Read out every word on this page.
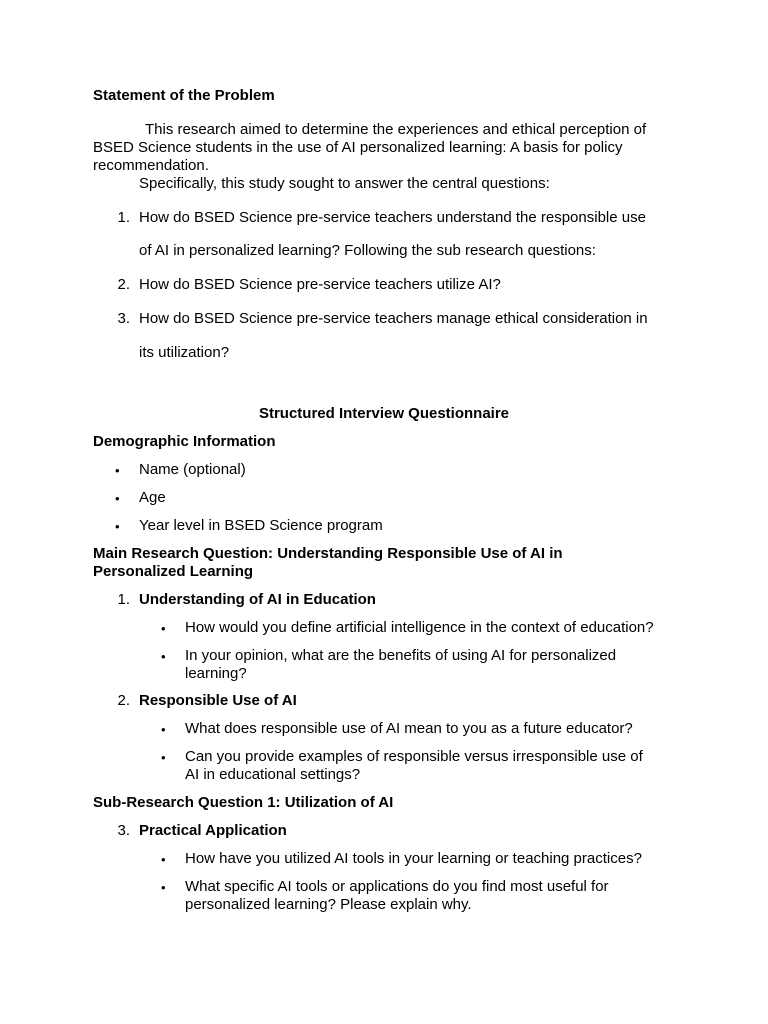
Statement of the Problem
This research aimed to determine the experiences and ethical perception of
BSED Science students in the use of AI personalized learning: A basis for policy
recommendation.
Specifically, this study sought to answer the central questions:
1. How do BSED Science pre-service teachers understand the responsible use
of AI in personalized learning? Following the sub research questions:
2. How do BSED Science pre-service teachers utilize AI?
3. How do BSED Science pre-service teachers manage ethical consideration in
its utilization?
Structured Interview Questionnaire
Demographic Information
• Name (optional)
• Age
• Year level in BSED Science program
Main Research Question: Understanding Responsible Use of AI in
Personalized Learning
1. Understanding of AI in Education
• How would you define artificial intelligence in the context of education?
• In your opinion, what are the benefits of using AI for personalized
learning?
2. Responsible Use of AI
• What does responsible use of AI mean to you as a future educator?
• Can you provide examples of responsible versus irresponsible use of
AI in educational settings?
Sub-Research Question 1: Utilization of AI
3. Practical Application
• How have you utilized AI tools in your learning or teaching practices?
• What specific AI tools or applications do you find most useful for
personalized learning? Please explain why.
